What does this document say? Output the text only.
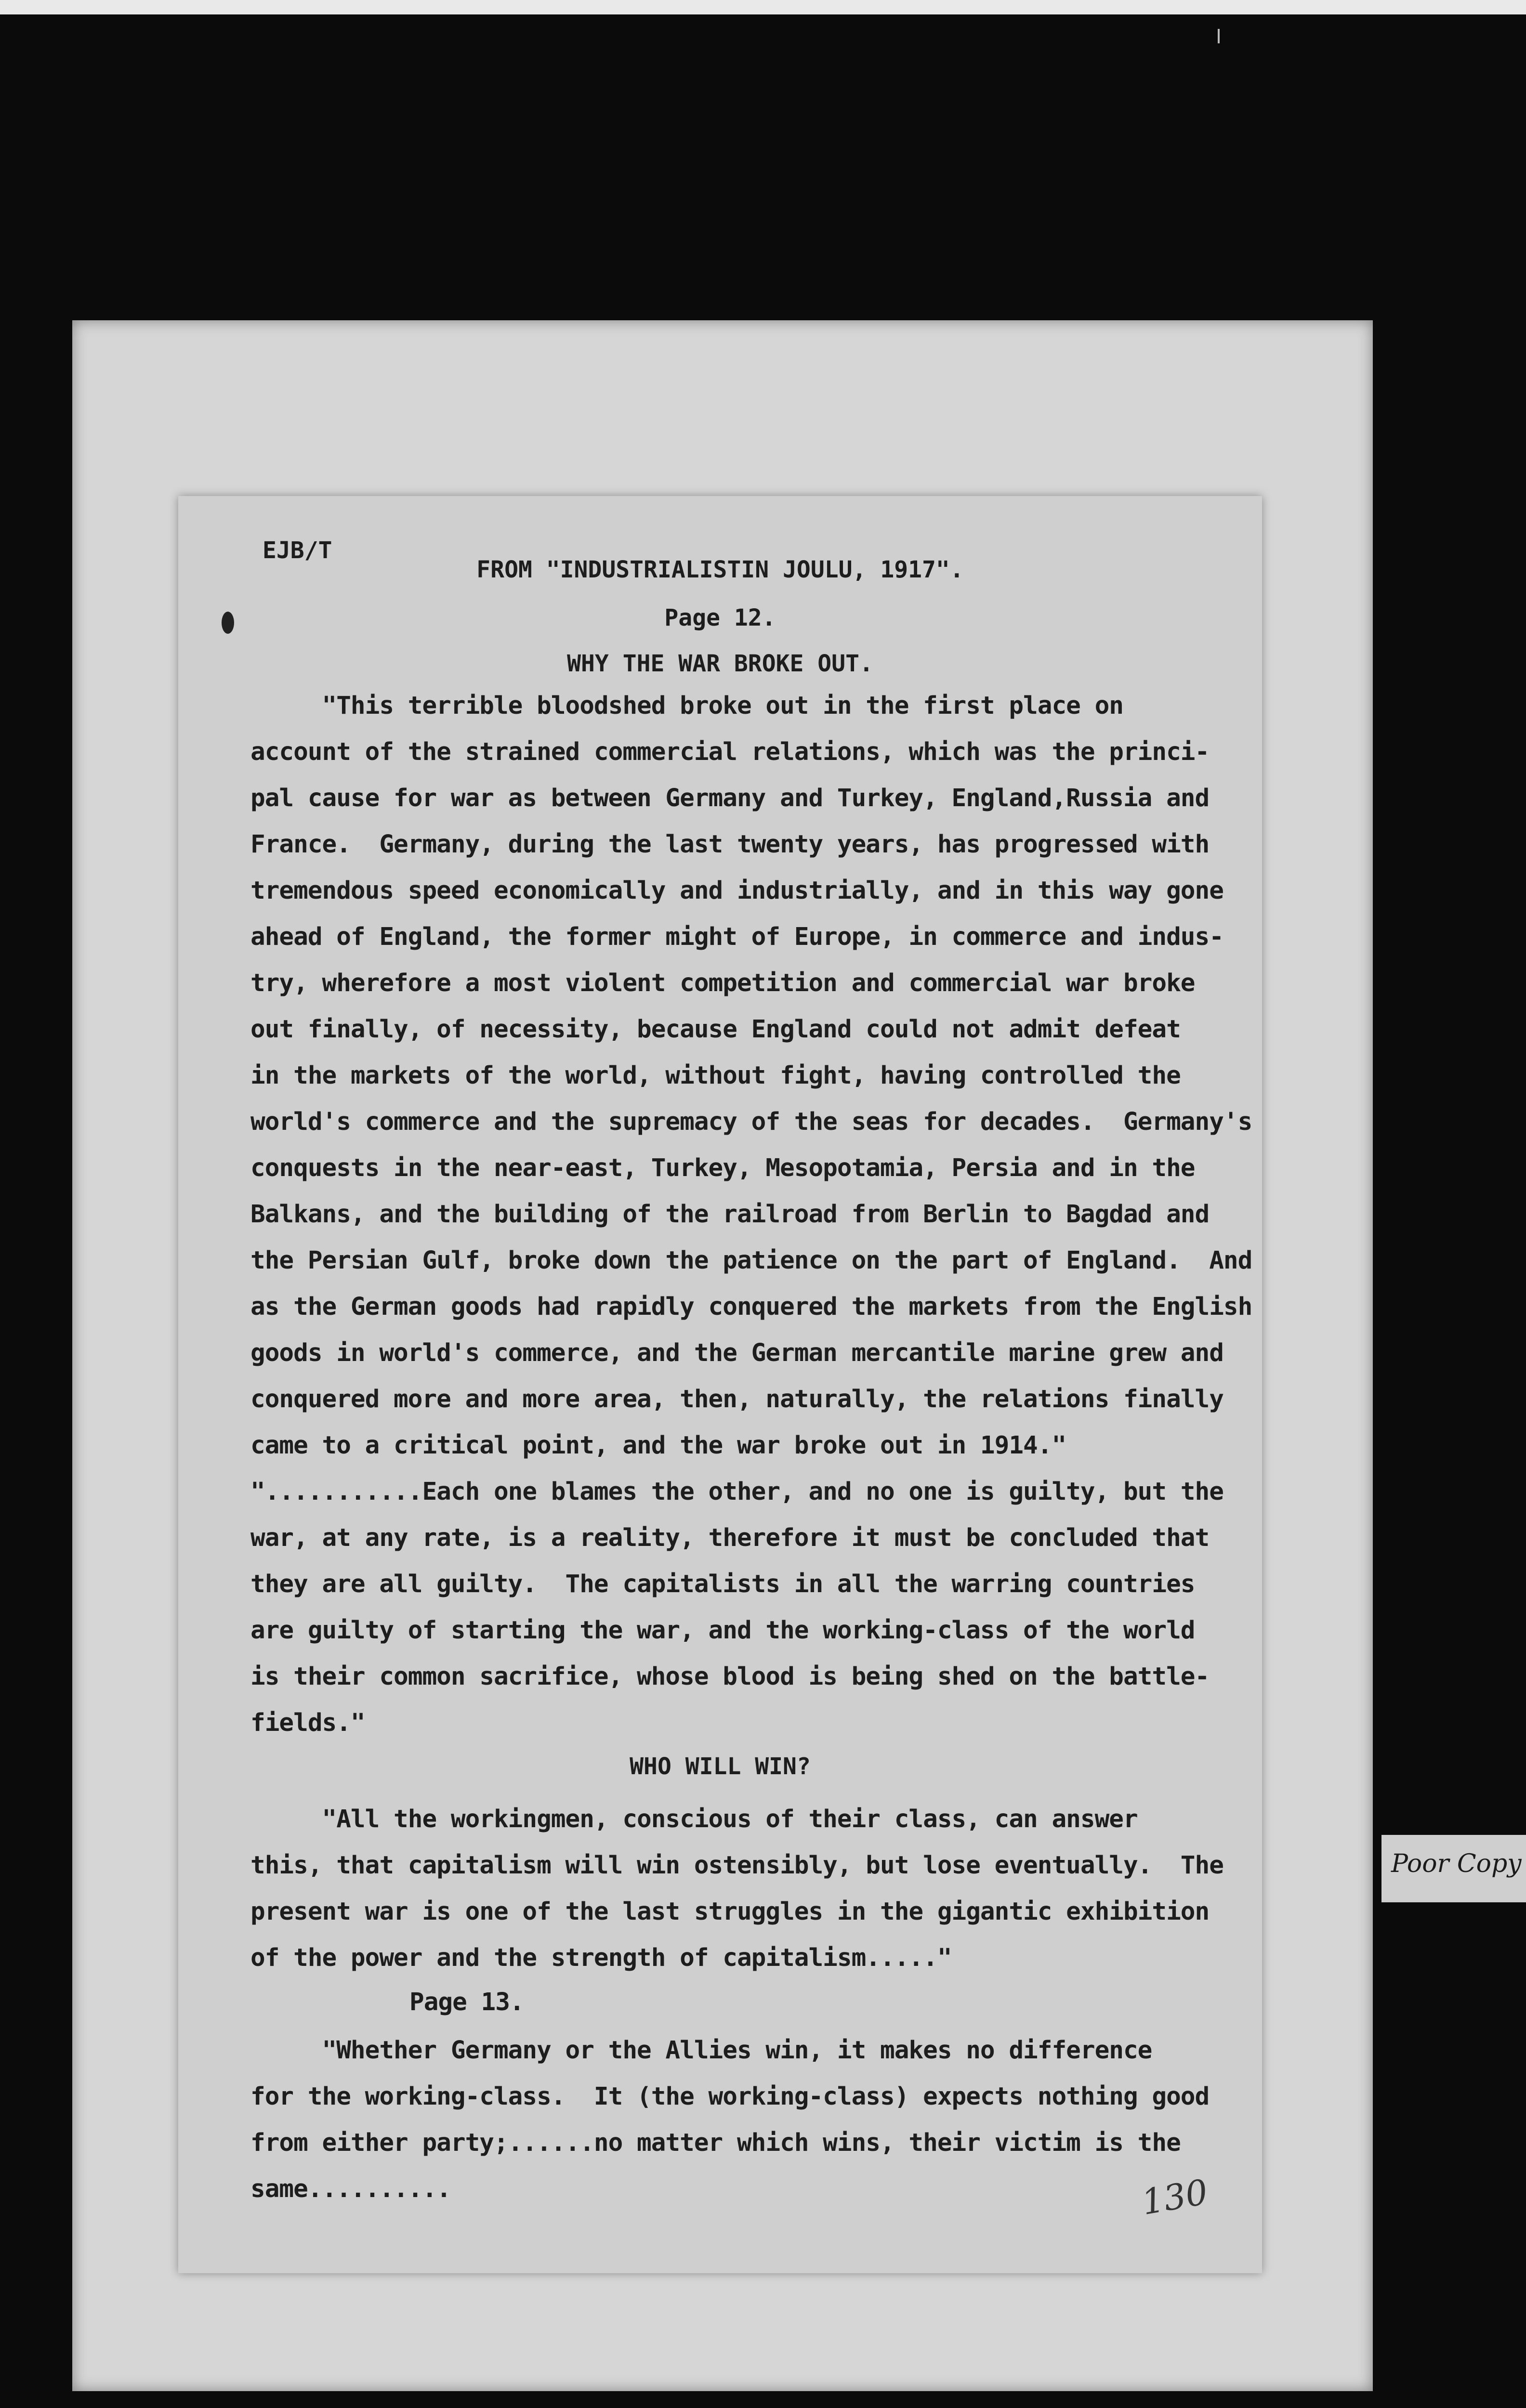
EJB/T
FROM "INDUSTRIALISTIN JOULU, 1917".
Page 12.
WHY THE WAR BROKE OUT.
"This terrible bloodshed broke out in the first place on
account of the strained commercial relations, which was the princi-
pal cause for war as between Germany and Turkey, England,Russia and
France.  Germany, during the last twenty years, has progressed with
tremendous speed economically and industrially, and in this way gone
ahead of England, the former might of Europe, in commerce and indus-
try, wherefore a most violent competition and commercial war broke
out finally, of necessity, because England could not admit defeat
in the markets of the world, without fight, having controlled the
world's commerce and the supremacy of the seas for decades.  Germany's
conquests in the near-east, Turkey, Mesopotamia, Persia and in the
Balkans, and the building of the railroad from Berlin to Bagdad and
the Persian Gulf, broke down the patience on the part of England.  And
as the German goods had rapidly conquered the markets from the English
goods in world's commerce, and the German mercantile marine grew and
conquered more and more area, then, naturally, the relations finally
came to a critical point, and the war broke out in 1914."
"...........Each one blames the other, and no one is guilty, but the
war, at any rate, is a reality, therefore it must be concluded that
they are all guilty.  The capitalists in all the warring countries
are guilty of starting the war, and the working-class of the world
is their common sacrifice, whose blood is being shed on the battle-
fields."
WHO WILL WIN?
"All the workingmen, conscious of their class, can answer
this, that capitalism will win ostensibly, but lose eventually.  The
present war is one of the last struggles in the gigantic exhibition
of the power and the strength of capitalism....."
Page 13.
"Whether Germany or the Allies win, it makes no difference
for the working-class.  It (the working-class) expects nothing good
from either party;......no matter which wins, their victim is the
same..........	130
Poor Copy
